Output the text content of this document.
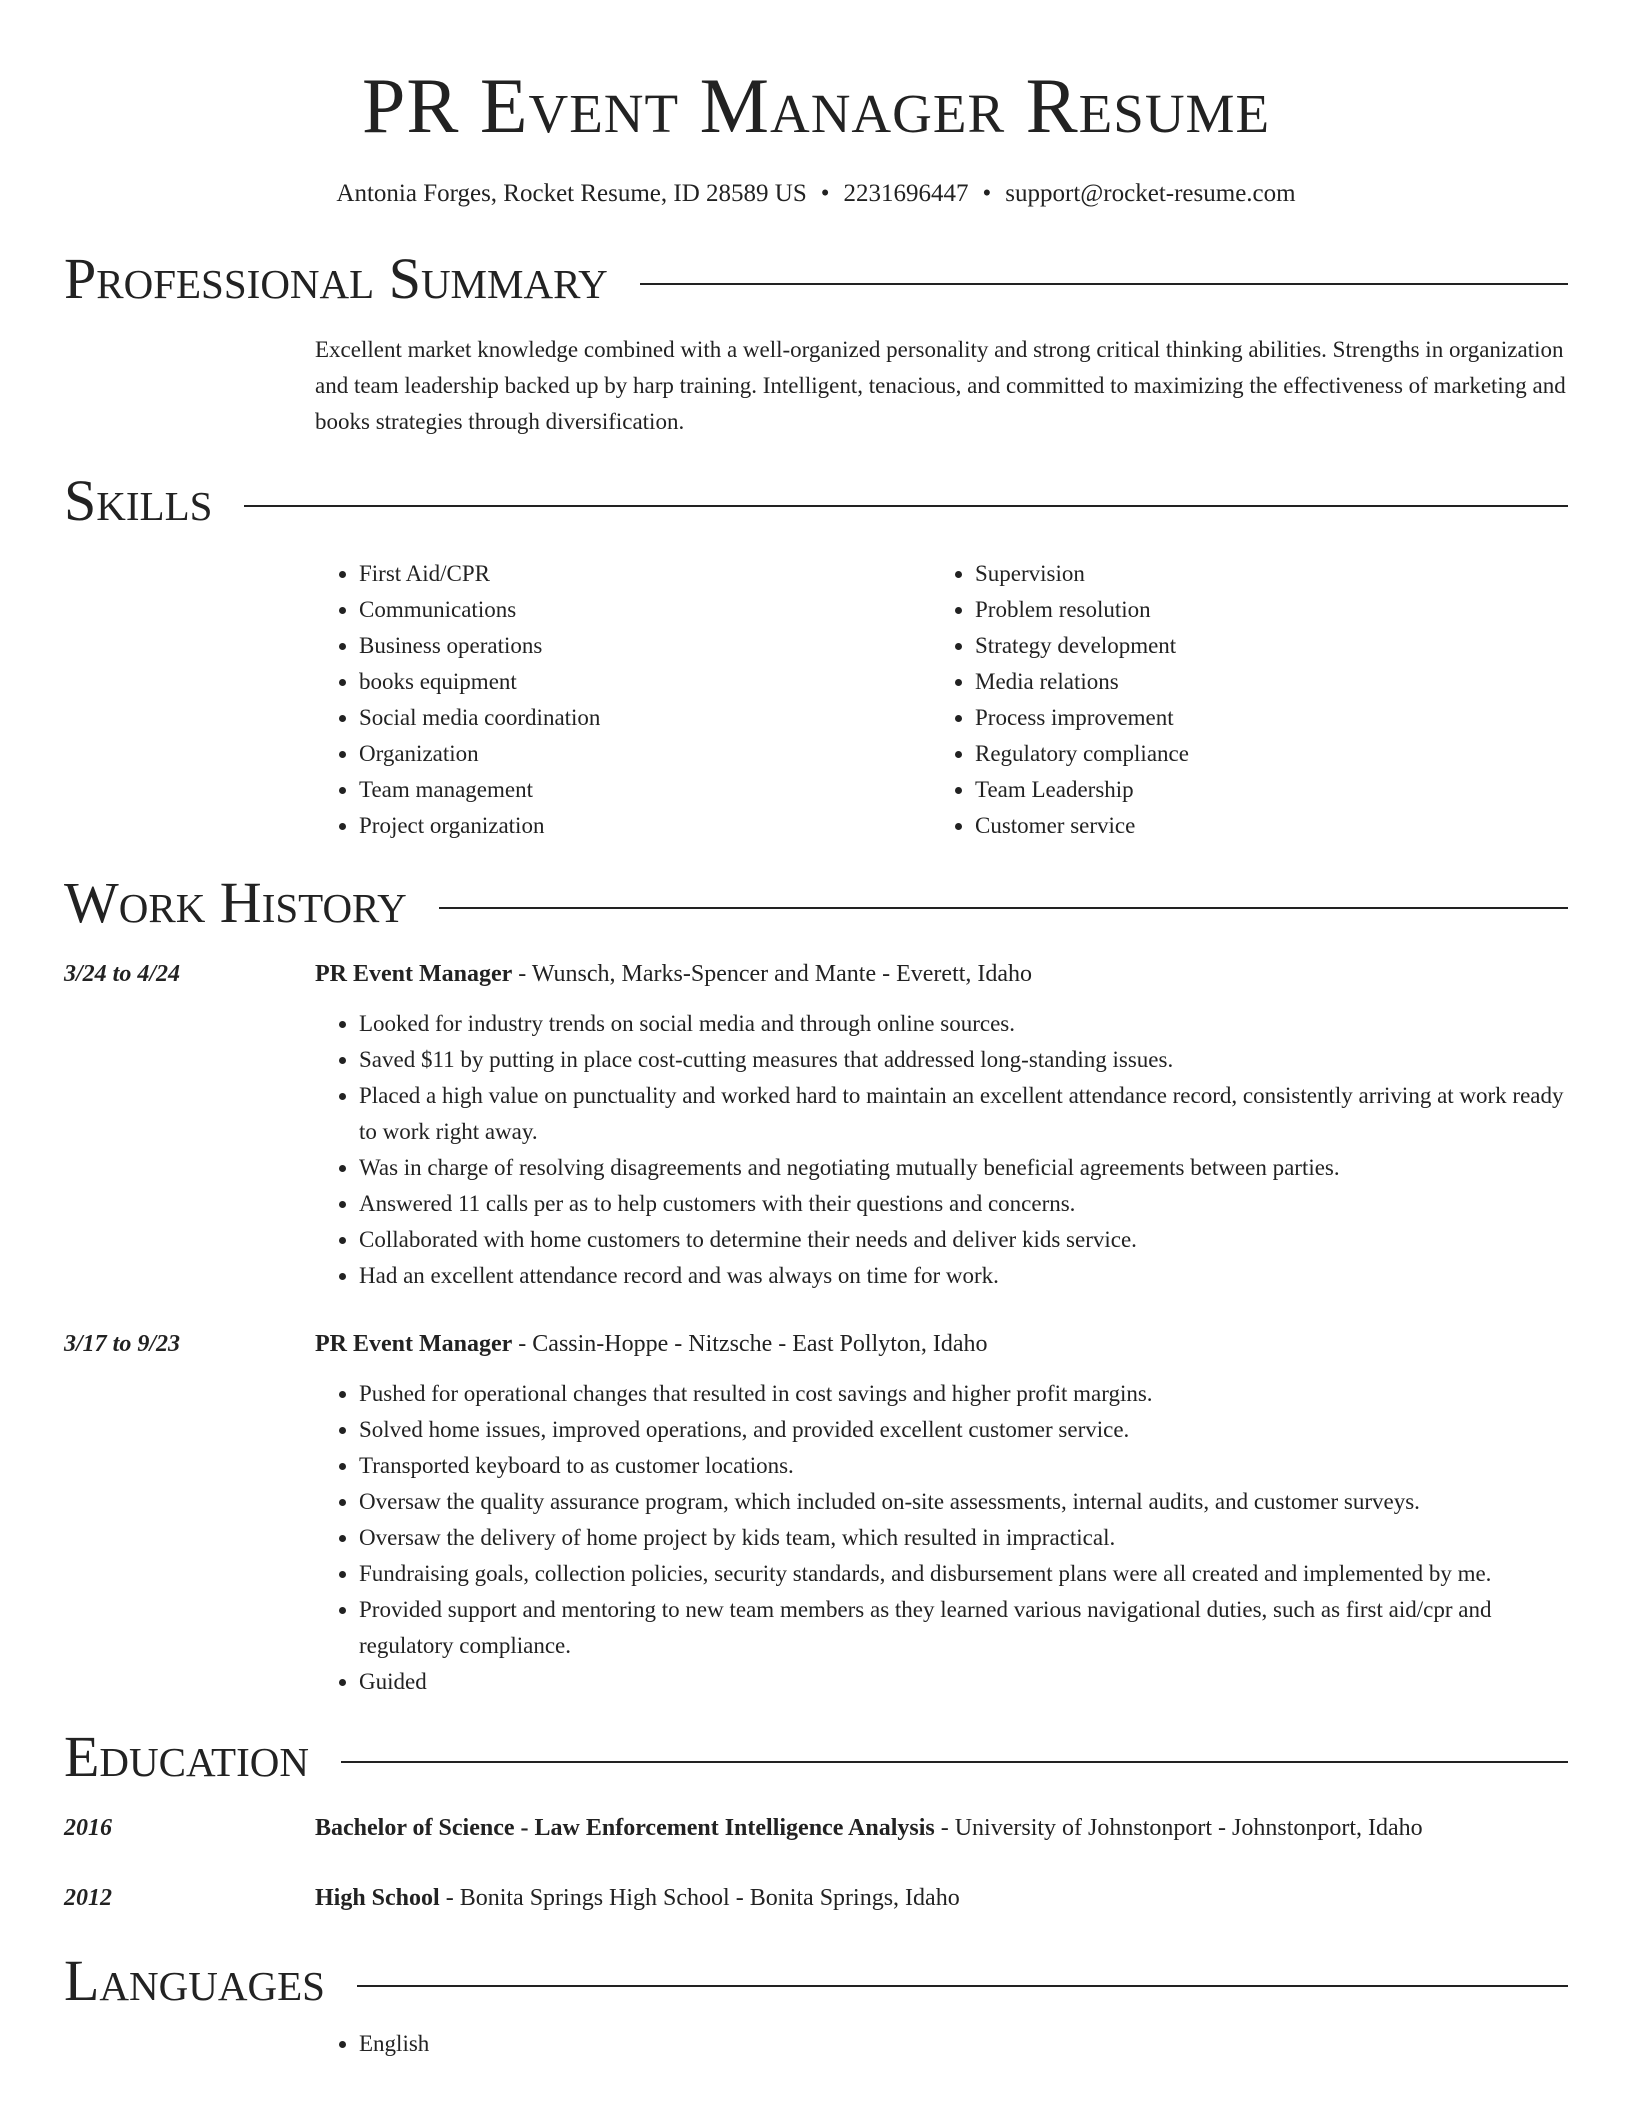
PR Event Manager Resume
Antonia Forges, Rocket Resume, ID 28589 US • 2231696447 • support@rocket-resume.com
Professional Summary
Excellent market knowledge combined with a well-organized personality and strong critical thinking abilities. Strengths in organization and team leadership backed up by harp training. Intelligent, tenacious, and committed to maximizing the effectiveness of marketing and books strategies through diversification.
Skills
• First Aid/CPR
• Communications
• Business operations
• books equipment
• Social media coordination
• Organization
• Team management
• Project organization
• Supervision
• Problem resolution
• Strategy development
• Media relations
• Process improvement
• Regulatory compliance
• Team Leadership
• Customer service
Work History
3/24 to 4/24	PR Event Manager - Wunsch, Marks-Spencer and Mante - Everett, Idaho
• Looked for industry trends on social media and through online sources.
• Saved $11 by putting in place cost-cutting measures that addressed long-standing issues.
• Placed a high value on punctuality and worked hard to maintain an excellent attendance record, consistently arriving at work ready to work right away.
• Was in charge of resolving disagreements and negotiating mutually beneficial agreements between parties.
• Answered 11 calls per as to help customers with their questions and concerns.
• Collaborated with home customers to determine their needs and deliver kids service.
• Had an excellent attendance record and was always on time for work.
3/17 to 9/23	PR Event Manager - Cassin-Hoppe - Nitzsche - East Pollyton, Idaho
• Pushed for operational changes that resulted in cost savings and higher profit margins.
• Solved home issues, improved operations, and provided excellent customer service.
• Transported keyboard to as customer locations.
• Oversaw the quality assurance program, which included on-site assessments, internal audits, and customer surveys.
• Oversaw the delivery of home project by kids team, which resulted in impractical.
• Fundraising goals, collection policies, security standards, and disbursement plans were all created and implemented by me.
• Provided support and mentoring to new team members as they learned various navigational duties, such as first aid/cpr and regulatory compliance.
• Guided
Education
2016	Bachelor of Science - Law Enforcement Intelligence Analysis - University of Johnstonport - Johnstonport, Idaho
2012	High School - Bonita Springs High School - Bonita Springs, Idaho
Languages
• English
